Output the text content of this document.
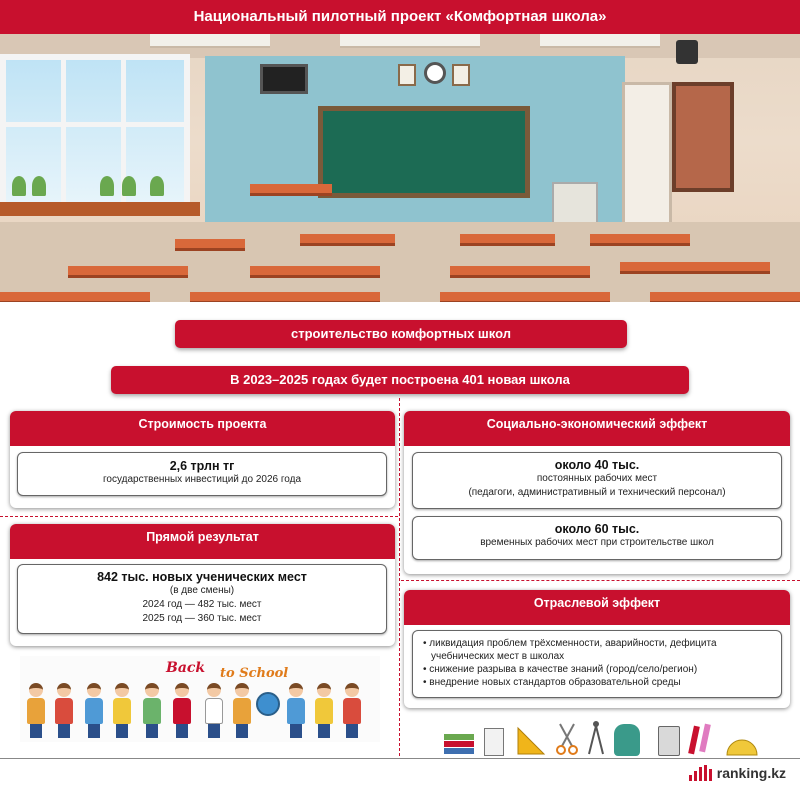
Национальный пилотный проект «Комфортная школа»
строительство комфортных школ
В 2023–2025 годах будет построена 401 новая школа
Строимость проекта
2,6 трлн тг
государственных инвестиций до 2026 года
Прямой результат
842 тыс. новых ученических мест
(в две смены)
2024 год — 482 тыс. мест
2025 год — 360 тыс. мест
Социально-экономический эффект
около 40 тыс.
постоянных рабочих мест
(педагоги, административный и технический персонал)
около 60 тыс.
временных рабочих мест при строительстве школ
Отраслевой эффект
• ликвидация проблем трёхсменности, аварийности, дефицита
учебнических мест в школах
• снижение разрыва в качестве знаний (город/село/регион)
• внедрение новых стандартов образовательной среды
Back to School
ranking.kz
